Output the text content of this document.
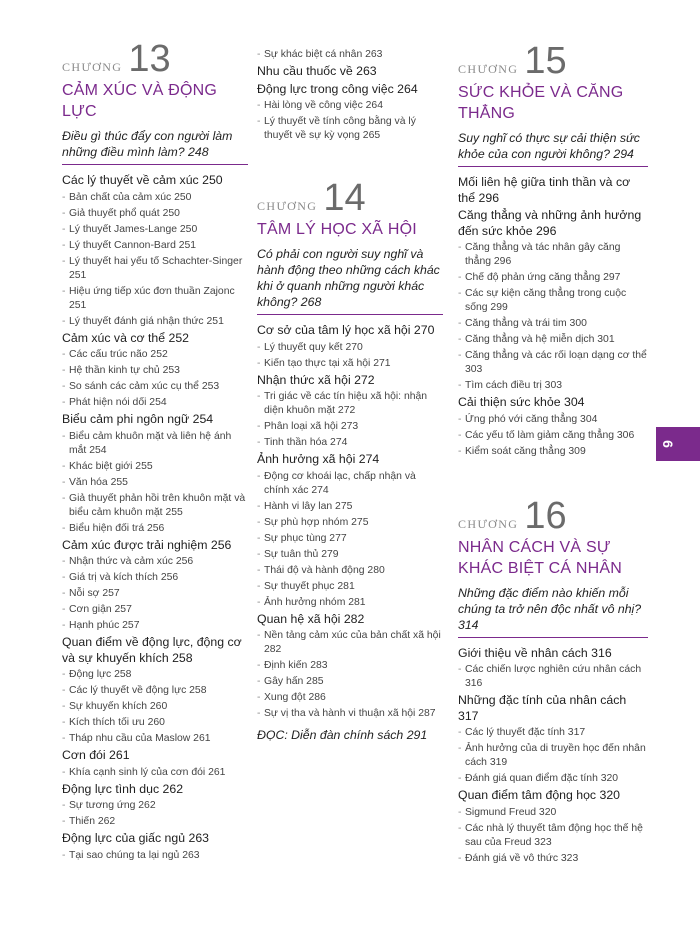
CHƯƠNG 13
CẢM XÚC VÀ ĐỘNG LỰC
Điều gì thúc đẩy con người làm những điều mình làm? 248
Các lý thuyết về cảm xúc 250
- Bản chất của cảm xúc 250
- Giả thuyết phổ quát 250
- Lý thuyết James-Lange 250
- Lý thuyết Cannon-Bard 251
- Lý thuyết hai yếu tố Schachter-Singer 251
- Hiệu ứng tiếp xúc đơn thuần Zajonc 251
- Lý thuyết đánh giá nhận thức 251
Cảm xúc và cơ thể 252
- Các cấu trúc não 252
- Hệ thần kinh tự chủ 253
- So sánh các cảm xúc cụ thể 253
- Phát hiện nói dối 254
Biểu cảm phi ngôn ngữ 254
- Biểu cảm khuôn mặt và liên hệ ánh mắt 254
- Khác biệt giới 255
- Văn hóa 255
- Giả thuyết phản hồi trên khuôn mặt và biểu cảm khuôn mặt 255
- Biểu hiện đối trá 256
Cảm xúc được trải nghiệm 256
- Nhận thức và cảm xúc 256
- Giá trị và kích thích 256
- Nỗi sợ 257
- Cơn giận 257
- Hạnh phúc 257
Quan điểm về động lực, động cơ và sự khuyến khích 258
- Động lực 258
- Các lý thuyết về động lực 258
- Sự khuyến khích 260
- Kích thích tối ưu 260
- Tháp nhu cầu của Maslow 261
Cơn đói 261
- Khía cạnh sinh lý của cơn đói 261
Động lực tình dục 262
- Sự tương ứng 262
- Thiến 262
Động lực của giấc ngủ 263
- Tại sao chúng ta lại ngủ 263
- Sự khác biệt cá nhân 263
Nhu cầu thuốc về 263
Động lực trong công việc 264
- Hài lòng về công việc 264
- Lý thuyết về tính công bằng và lý thuyết về sự kỳ vọng 265
CHƯƠNG 14
TÂM LÝ HỌC XÃ HỘI
Có phải con người suy nghĩ và hành động theo những cách khác khi ở quanh những người khác không? 268
Cơ sở của tâm lý học xã hội 270
- Lý thuyết quy kết 270
- Kiến tạo thực tại xã hội 271
Nhận thức xã hội 272
- Tri giác về các tín hiệu xã hội: nhận diện khuôn mặt 272
- Phân loại xã hội 273
- Tinh thần hóa 274
Ảnh hưởng xã hội 274
- Động cơ khoái lạc, chấp nhận và chính xác 274
- Hành vi lây lan 275
- Sự phù hợp nhóm 275
- Sự phục tùng 277
- Sự tuân thủ 279
- Thái độ và hành động 280
- Sự thuyết phục 281
- Ảnh hưởng nhóm 281
Quan hệ xã hội 282
- Nền tảng cảm xúc của bản chất xã hội 282
- Định kiến 283
- Gây hấn 285
- Xung đột 286
- Sự vị tha và hành vi thuận xã hội 287
ĐỌC: Diễn đàn chính sách 291
CHƯƠNG 15
SỨC KHỎE VÀ CĂNG THẲNG
Suy nghĩ có thực sự cải thiện sức khỏe của con người không? 294
Mối liên hệ giữa tinh thần và cơ thể 296
Căng thẳng và những ảnh hưởng đến sức khỏe 296
- Căng thẳng và tác nhân gây căng thẳng 296
- Chế độ phản ứng căng thẳng 297
- Các sự kiện căng thẳng trong cuộc sống 299
- Căng thẳng và trái tim 300
- Căng thẳng và hệ miễn dịch 301
- Căng thẳng và các rối loạn dạng cơ thể 303
- Tìm cách điều trị 303
Cải thiện sức khỏe 304
- Ứng phó với căng thẳng 304
- Các yếu tố làm giảm căng thẳng 306
- Kiểm soát căng thẳng 309
CHƯƠNG 16
NHÂN CÁCH VÀ SỰ KHÁC BIỆT CÁ NHÂN
Những đặc điểm nào khiến mỗi chúng ta trở nên độc nhất vô nhị? 314
Giới thiệu về nhân cách 316
- Các chiến lược nghiên cứu nhân cách 316
Những đặc tính của nhân cách 317
- Các lý thuyết đặc tính 317
- Ảnh hưởng của di truyền học đến nhân cách 319
- Đánh giá quan điểm đặc tính 320
Quan điểm tâm động học 320
- Sigmund Freud 320
- Các nhà lý thuyết tâm động học thế hệ sau của Freud 323
- Đánh giá về vô thức 323
6
